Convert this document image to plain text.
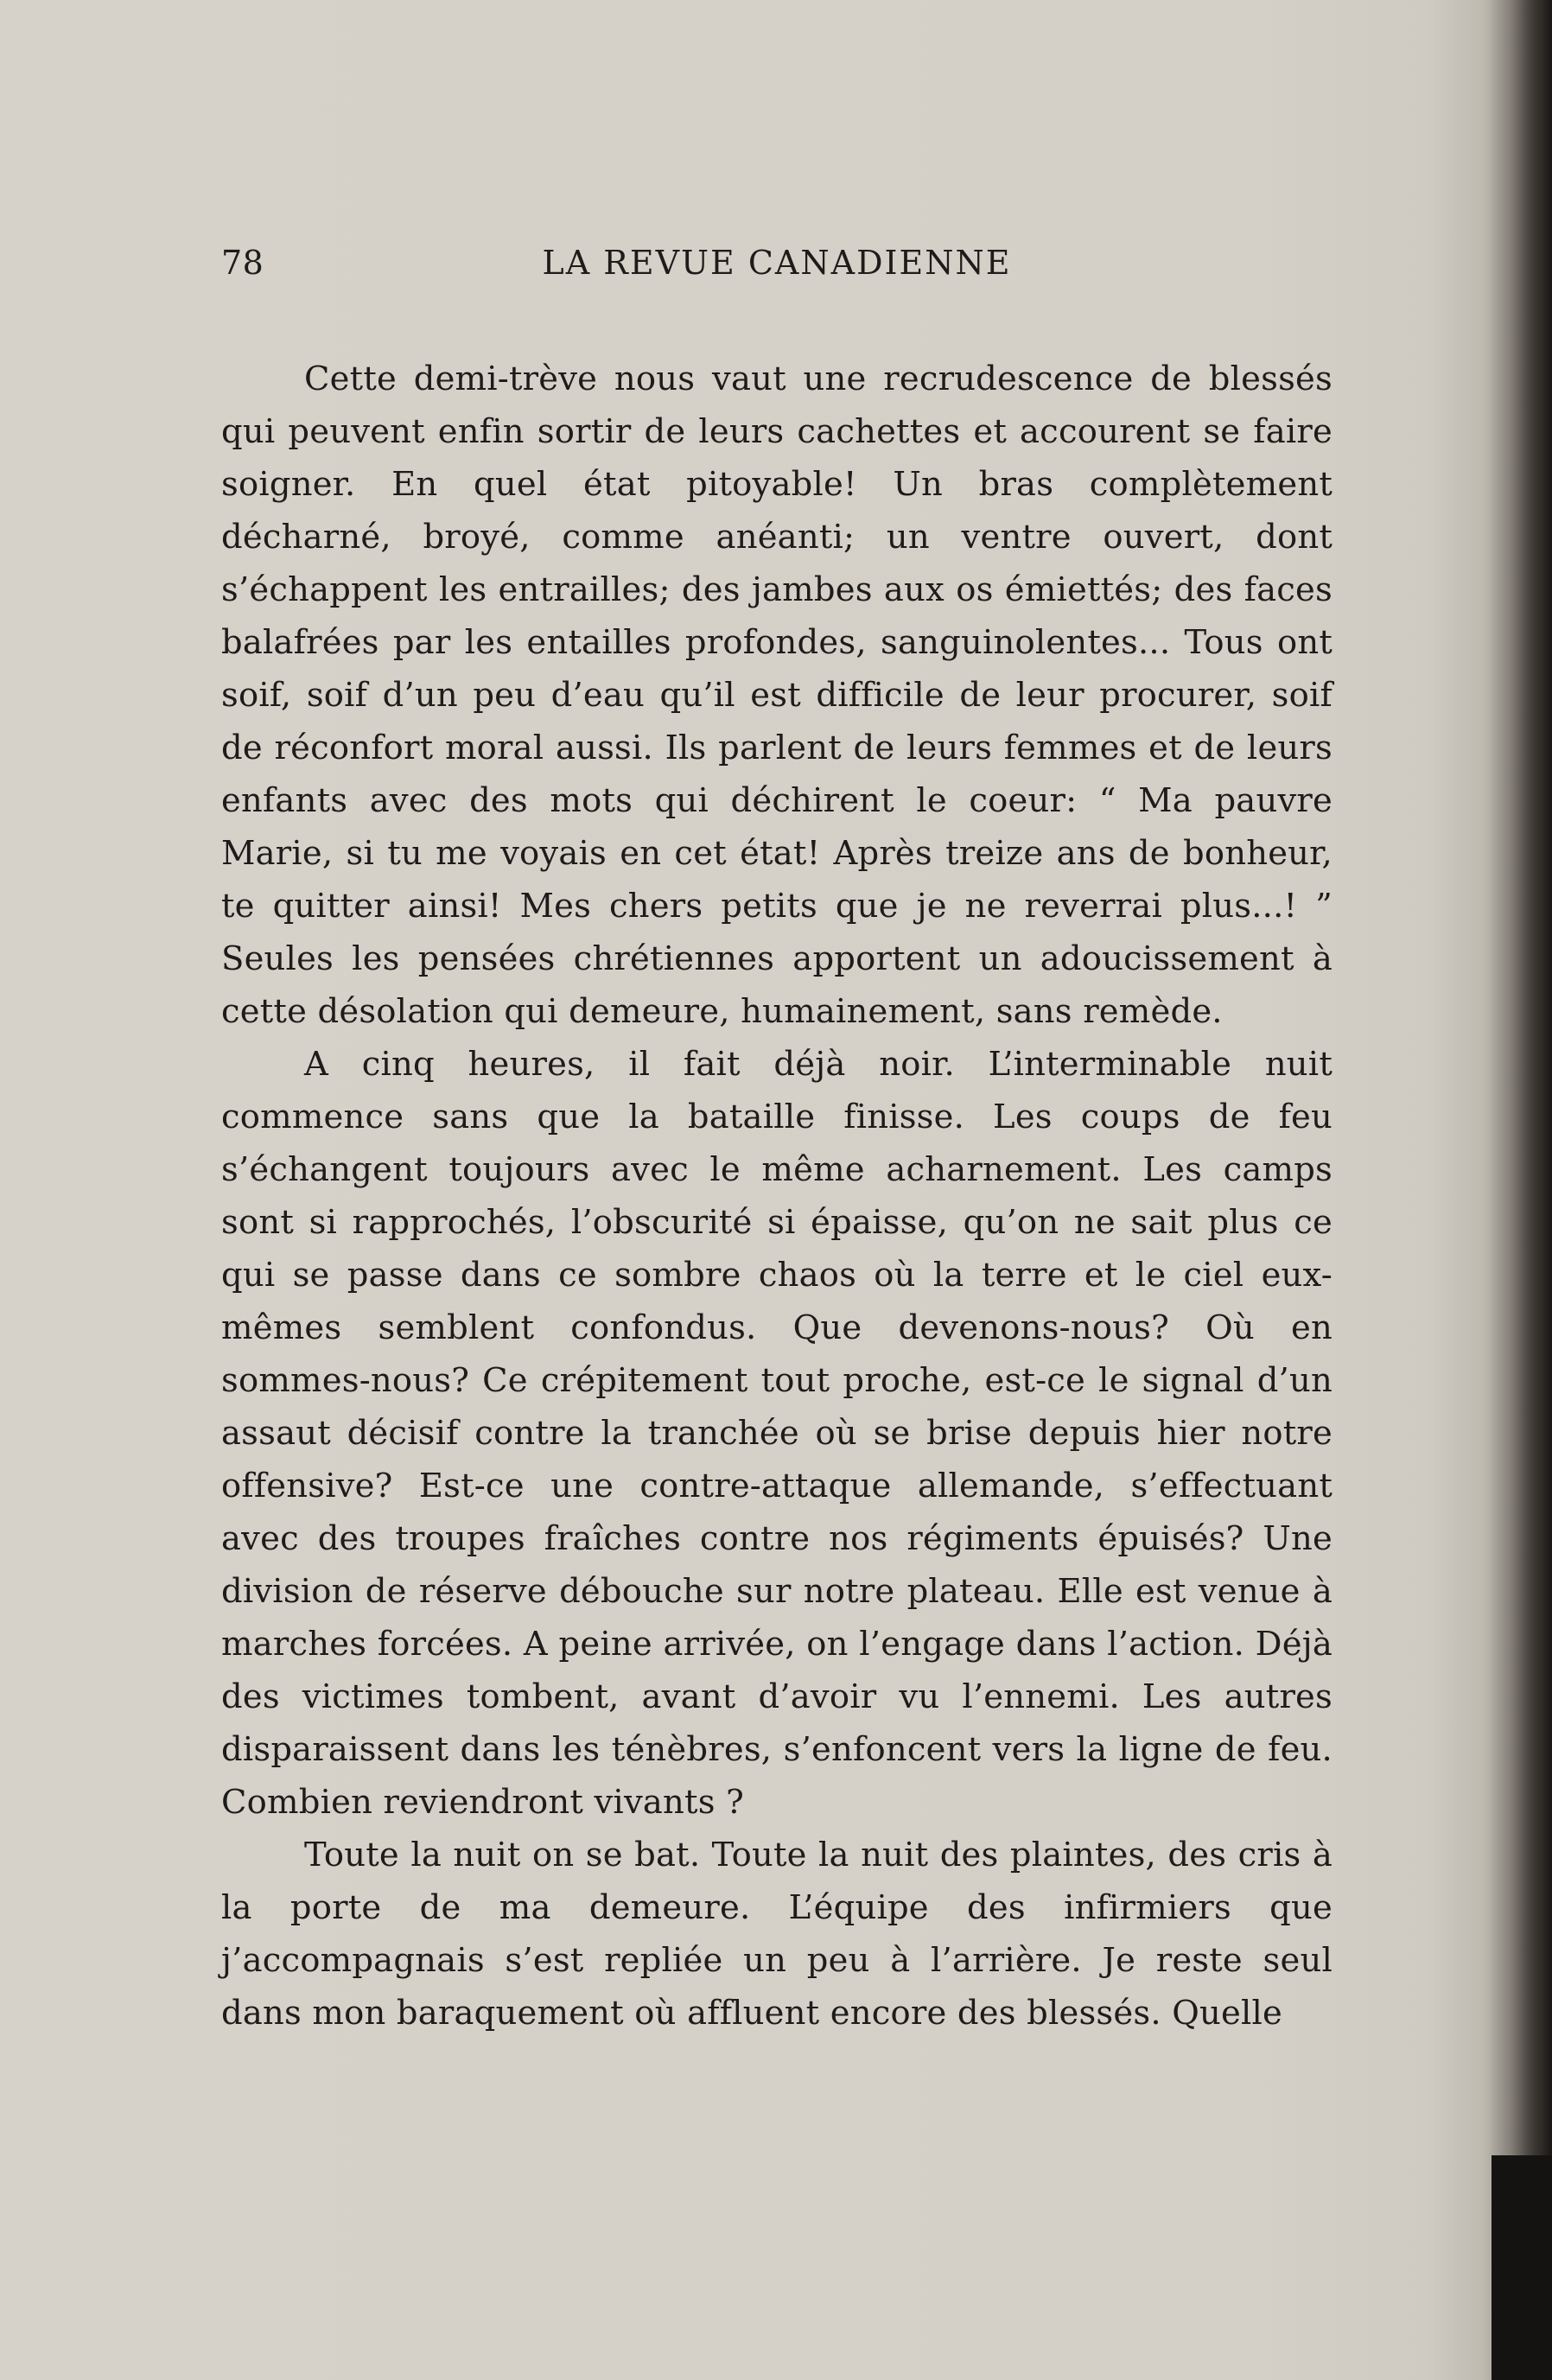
78	LA REVUE CANADIENNE

Cette demi-trève nous vaut une recrudescence de blessés qui peuvent enfin sortir de leurs cachettes et accourent se faire soigner. En quel état pitoyable! Un bras complètement décharné, broyé, comme anéanti; un ventre ouvert, dont s’échappent les entrailles; des jambes aux os émiettés; des faces balafrées par les entailles profondes, sanguinolentes... Tous ont soif, soif d’un peu d’eau qu’il est difficile de leur procurer, soif de réconfort moral aussi. Ils parlent de leurs femmes et de leurs enfants avec des mots qui déchirent le coeur: “ Ma pauvre Marie, si tu me voyais en cet état! Après treize ans de bonheur, te quitter ainsi! Mes chers petits que je ne reverrai plus...! ” Seules les pensées chrétiennes apportent un adoucissement à cette désolation qui demeure, humainement, sans remède.

A cinq heures, il fait déjà noir. L’interminable nuit commence sans que la bataille finisse. Les coups de feu s’échangent toujours avec le même acharnement. Les camps sont si rapprochés, l’obscurité si épaisse, qu’on ne sait plus ce qui se passe dans ce sombre chaos où la terre et le ciel eux-mêmes semblent confondus. Que devenons-nous? Où en sommes-nous? Ce crépitement tout proche, est-ce le signal d’un assaut décisif contre la tranchée où se brise depuis hier notre offensive? Est-ce une contre-attaque allemande, s’effectuant avec des troupes fraîches contre nos régiments épuisés? Une division de réserve débouche sur notre plateau. Elle est venue à marches forcées. A peine arrivée, on l’engage dans l’action. Déjà des victimes tombent, avant d’avoir vu l’ennemi. Les autres disparaissent dans les ténèbres, s’enfoncent vers la ligne de feu. Combien reviendront vivants ?

Toute la nuit on se bat. Toute la nuit des plaintes, des cris à la porte de ma demeure. L’équipe des infirmiers que j’accompagnais s’est repliée un peu à l’arrière. Je reste seul dans mon baraquement où affluent encore des blessés. Quelle
